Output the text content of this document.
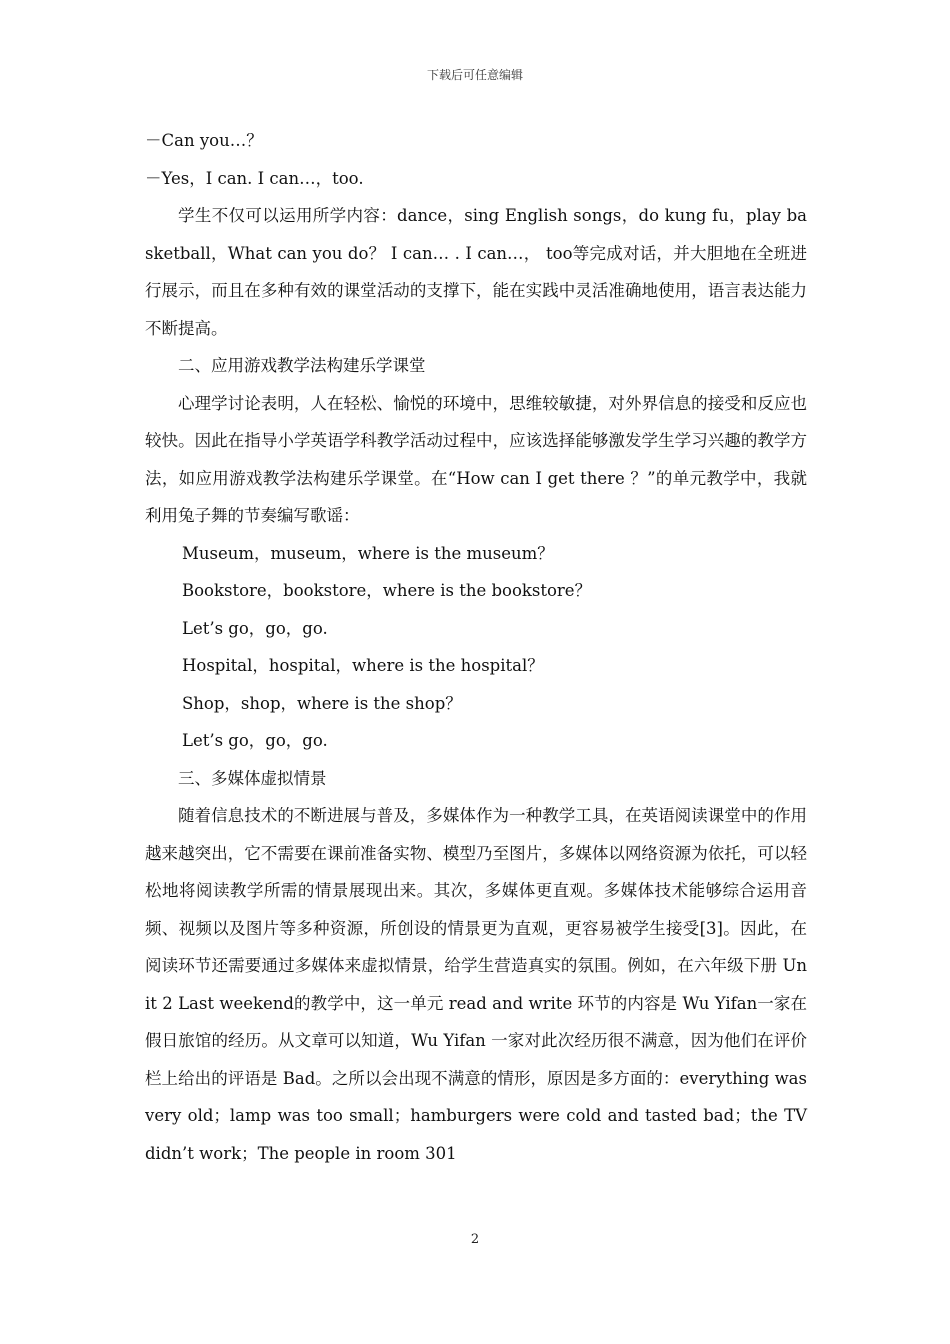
下载后可任意编辑
－Can you…？
－Yes，I can. I can…，too.
学生不仅可以运用所学内容：dance，sing English songs，do kung fu，play basketball，What can you do？ I can… . I can…， too等完成对话，并大胆地在全班进行展示，而且在多种有效的课堂活动的支撑下，能在实践中灵活准确地使用，语言表达能力不断提高。
二、应用游戏教学法构建乐学课堂
心理学讨论表明，人在轻松、愉悦的环境中，思维较敏捷，对外界信息的接受和反应也较快。因此在指导小学英语学科教学活动过程中，应该选择能够激发学生学习兴趣的教学方法，如应用游戏教学法构建乐学课堂。在“How can I get there ？”的单元教学中，我就利用兔子舞的节奏编写歌谣：
Museum，museum，where is the museum？
Bookstore，bookstore，where is the bookstore？
Let’s go，go，go.
Hospital，hospital，where is the hospital？
Shop，shop，where is the shop？
Let’s go，go，go.
三、多媒体虚拟情景
随着信息技术的不断进展与普及，多媒体作为一种教学工具，在英语阅读课堂中的作用越来越突出，它不需要在课前准备实物、模型乃至图片，多媒体以网络资源为依托，可以轻松地将阅读教学所需的情景展现出来。其次，多媒体更直观。多媒体技术能够综合运用音频、视频以及图片等多种资源，所创设的情景更为直观，更容易被学生接受[3]。因此，在阅读环节还需要通过多媒体来虚拟情景，给学生营造真实的氛围。例如，在六年级下册 Unit 2 Last weekend的教学中，这一单元 read and write 环节的内容是 Wu Yifan一家在假日旅馆的经历。从文章可以知道，Wu Yifan 一家对此次经历很不满意，因为他们在评价栏上给出的评语是 Bad。之所以会出现不满意的情形，原因是多方面的：everything was very old；lamp was too small；hamburgers were cold and tasted bad；the TV didn’t work；The people in room 301
2
